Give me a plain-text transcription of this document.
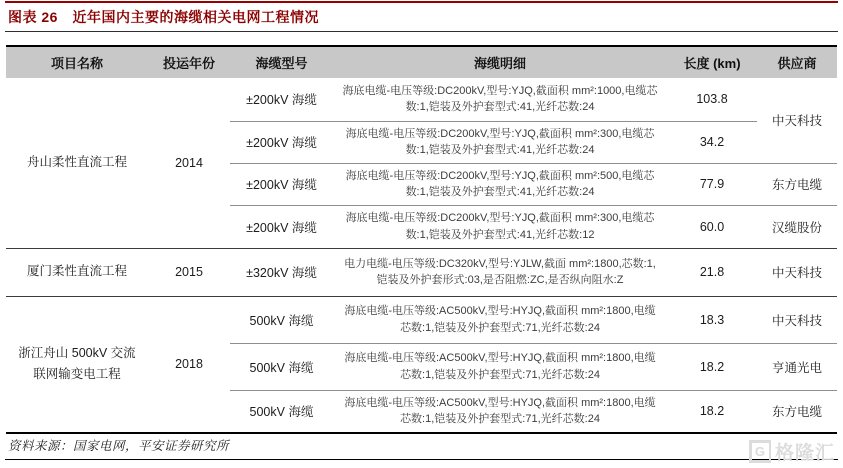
图表 26　近年国内主要的海缆相关电网工程情况
项目名称	投运年份	海缆型号	海缆明细	长度 (km)	供应商
舟山柔性直流工程	2014	±200kV 海缆	海底电缆-电压等级:DC200kV,型号:YJQ,截面积 mm²:1000,电缆芯数:1,铠装及外护套型式:41,光纤芯数:24	103.8	中天科技
		±200kV 海缆	海底电缆-电压等级:DC200kV,型号:YJQ,截面积 mm²:300,电缆芯数:1,铠装及外护套型式:41,光纤芯数:24	34.2	
		±200kV 海缆	海底电缆-电压等级:DC200kV,型号:YJQ,截面积 mm²:500,电缆芯数:1,铠装及外护套型式:41,光纤芯数:24	77.9	东方电缆
		±200kV 海缆	海底电缆-电压等级:DC200kV,型号:YJQ,截面积 mm²:300,电缆芯数:1,铠装及外护套型式:41,光纤芯数:12	60.0	汉缆股份
厦门柔性直流工程	2015	±320kV 海缆	电力电缆-电压等级:DC320kV,型号:YJLW,截面 mm²:1800,芯数:1,铠装及外护套形式:03,是否阻燃:ZC,是否纵向阻水:Z	21.8	中天科技
浙江舟山 500kV 交流联网输变电工程	2018	500kV 海缆	海底电缆-电压等级:AC500kV,型号:HYJQ,截面积 mm²:1800,电缆芯数:1,铠装及外护套型式:71,光纤芯数:24	18.3	中天科技
		500kV 海缆	海底电缆-电压等级:AC500kV,型号:HYJQ,截面积 mm²:1800,电缆芯数:1,铠装及外护套型式:71,光纤芯数:24	18.2	亨通光电
		500kV 海缆	海底电缆-电压等级:AC500kV,型号:HYJQ,截面积 mm²:1800,电缆芯数:1,铠装及外护套型式:71,光纤芯数:24	18.2	东方电缆
资料来源：国家电网，平安证券研究所	G 格隆汇
